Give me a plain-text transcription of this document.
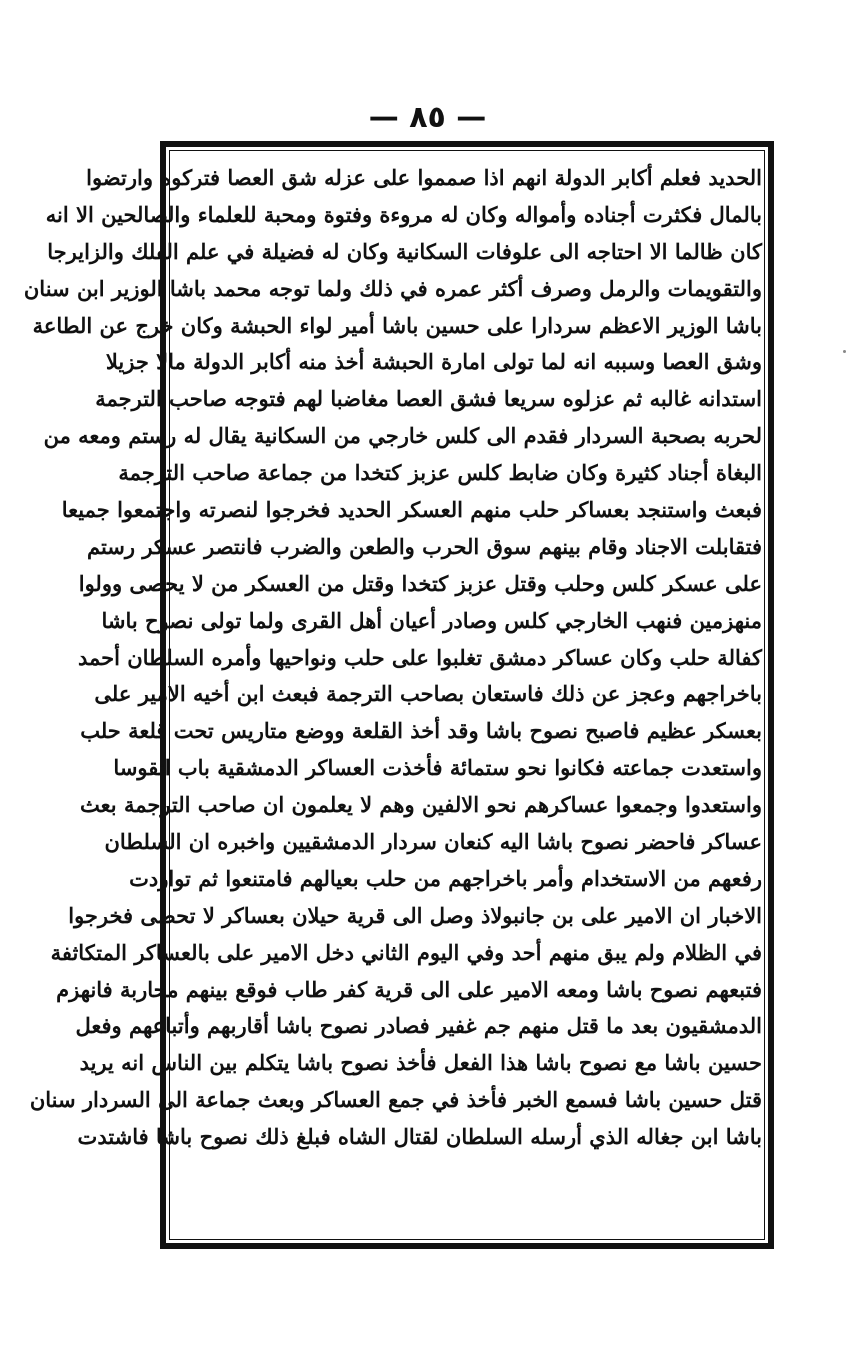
— ٨٥ —
الحديد فعلم أكابر الدولة انهم اذا صمموا على عزله شق العصا فتركوه وارتضوا
بالمال فكثرت أجناده وأمواله وكان له مروءة وفتوة ومحبة للعلماء والصالحين الا انه
كان ظالما الا احتاجه الى علوفات السكانية وكان له فضيلة في علم الفلك والزايرجا
والتقويمات والرمل وصرف أكثر عمره في ذلك ولما توجه محمد باشا الوزير ابن سنان
باشا الوزير الاعظم سردارا على حسين باشا أمير لواء الحبشة وكان خرج عن الطاعة
وشق العصا وسببه انه لما تولى امارة الحبشة أخذ منه أكابر الدولة مالا جزيلا
استدانه غالبه ثم عزلوه سريعا فشق العصا مغاضبا لهم فتوجه صاحب الترجمة
لحربه بصحبة السردار فقدم الى كلس خارجي من السكانية يقال له رستم ومعه من
البغاة أجناد كثيرة وكان ضابط كلس عزبز كتخدا من جماعة صاحب الترجمة
فبعث واستنجد بعساكر حلب منهم العسكر الحديد فخرجوا لنصرته واجتمعوا جميعا
فتقابلت الاجناد وقام بينهم سوق الحرب والطعن والضرب فانتصر عسكر رستم
على عسكر كلس وحلب وقتل عزبز كتخدا وقتل من العسكر من لا يحصى وولوا
منهزمين فنهب الخارجي كلس وصادر أعيان أهل القرى ولما تولى نصوح باشا
كفالة حلب وكان عساكر دمشق تغلبوا على حلب ونواحيها وأمره السلطان أحمد
باخراجهم وعجز عن ذلك فاستعان بصاحب الترجمة فبعث ابن أخيه الامير على
بعسكر عظيم فاصبح نصوح باشا وقد أخذ القلعة ووضع متاريس تحت قلعة حلب
واستعدت جماعته فكانوا نحو ستمائة فأخذت العساكر الدمشقية باب انقوسا
واستعدوا وجمعوا عساكرهم نحو الالفين وهم لا يعلمون ان صاحب الترجمة بعث
عساكر فاحضر نصوح باشا اليه كنعان سردار الدمشقيين واخبره ان السلطان
رفعهم من الاستخدام وأمر باخراجهم من حلب بعيالهم فامتنعوا ثم تواردت
الاخبار ان الامير على بن جانبولاذ وصل الى قرية حيلان بعساكر لا تحصى فخرجوا
في الظلام ولم يبق منهم أحد وفي اليوم الثاني دخل الامير على بالعساكر المتكاثفة
فتبعهم نصوح باشا ومعه الامير على الى قرية كفر طاب فوقع بينهم محاربة فانهزم
الدمشقيون بعد ما قتل منهم جم غفير فصادر نصوح باشا أقاربهم وأتباعهم وفعل
حسين باشا مع نصوح باشا هذا الفعل فأخذ نصوح باشا يتكلم بين الناس انه يريد
قتل حسين باشا فسمع الخبر فأخذ في جمع العساكر وبعث جماعة الى السردار سنان
باشا ابن جغاله الذي أرسله السلطان لقتال الشاه فبلغ ذلك نصوح باشا فاشتدت
